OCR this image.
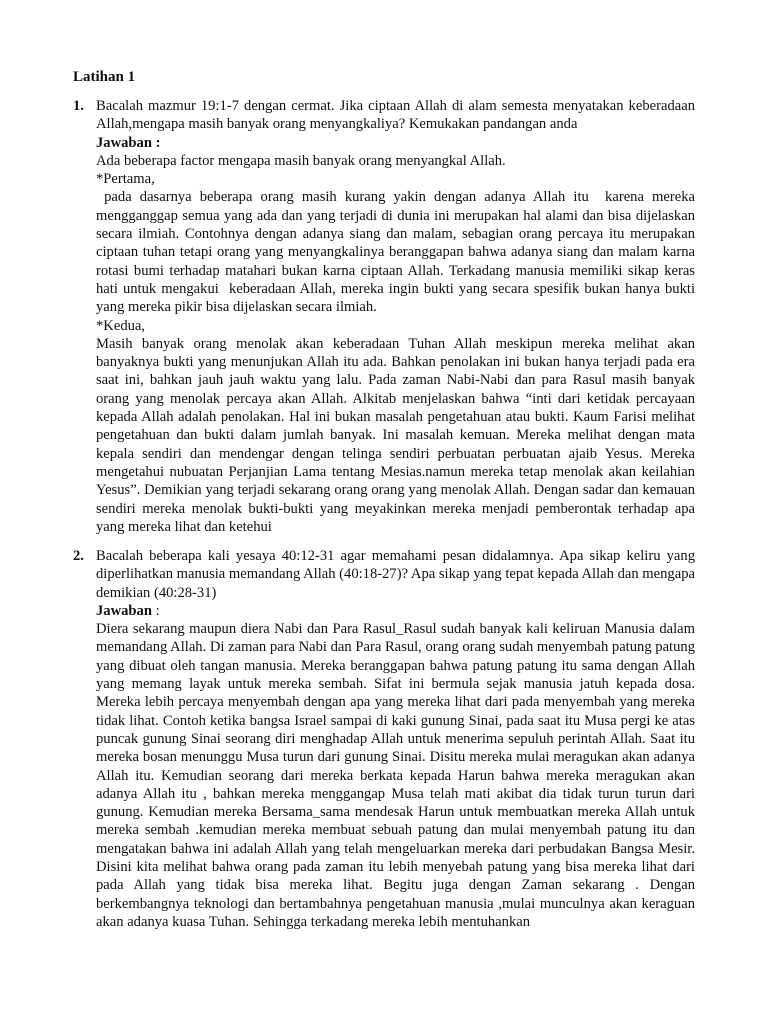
Latihan 1
1. Bacalah mazmur 19:1-7 dengan cermat. Jika ciptaan Allah di alam semesta menyatakan keberadaan Allah,mengapa masih banyak orang menyangkaliya? Kemukakan pandangan anda

Jawaban :

Ada beberapa factor mengapa masih banyak orang menyangkal Allah.

*Pertama,

pada dasarnya beberapa orang masih kurang yakin dengan adanya Allah itu  karena mereka mengganggap semua yang ada dan yang terjadi di dunia ini merupakan hal alami dan bisa dijelaskan secara ilmiah. Contohnya dengan adanya siang dan malam, sebagian orang percaya itu merupakan ciptaan tuhan tetapi orang yang menyangkalinya beranggapan bahwa adanya siang dan malam karna rotasi bumi terhadap matahari bukan karna ciptaan Allah. Terkadang manusia memiliki sikap keras hati untuk mengakui  keberadaan Allah, mereka ingin bukti yang secara spesifik bukan hanya bukti yang mereka pikir bisa dijelaskan secara ilmiah.

*Kedua,

Masih banyak orang menolak akan keberadaan Tuhan Allah meskipun mereka melihat akan banyaknya bukti yang menunjukan Allah itu ada. Bahkan penolakan ini bukan hanya terjadi pada era saat ini, bahkan jauh jauh waktu yang lalu. Pada zaman Nabi-Nabi dan para Rasul masih banyak orang yang menolak percaya akan Allah. Alkitab menjelaskan bahwa “inti dari ketidak percayaan kepada Allah adalah penolakan. Hal ini bukan masalah pengetahuan atau bukti. Kaum Farisi melihat pengetahuan dan bukti dalam jumlah banyak. Ini masalah kemuan. Mereka melihat dengan mata kepala sendiri dan mendengar dengan telinga sendiri perbuatan perbuatan ajaib Yesus. Mereka mengetahui nubuatan Perjanjian Lama tentang Mesias.namun mereka tetap menolak akan keilahian Yesus”. Demikian yang terjadi sekarang orang orang yang menolak Allah. Dengan sadar dan kemauan sendiri mereka menolak bukti-bukti yang meyakinkan mereka menjadi pemberontak terhadap apa yang mereka lihat dan ketehui

2. Bacalah beberapa kali yesaya 40:12-31 agar memahami pesan didalamnya. Apa sikap keliru yang diperlihatkan manusia memandang Allah (40:18-27)? Apa sikap yang tepat kepada Allah dan mengapa demikian (40:28-31)

Jawaban :

Diera sekarang maupun diera Nabi dan Para Rasul_Rasul sudah banyak kali keliruan Manusia dalam memandang Allah. Di zaman para Nabi dan Para Rasul, orang orang sudah menyembah patung patung yang dibuat oleh tangan manusia. Mereka beranggapan bahwa patung patung itu sama dengan Allah yang memang layak untuk mereka sembah. Sifat ini bermula sejak manusia jatuh kepada dosa. Mereka lebih percaya menyembah dengan apa yang mereka lihat dari pada menyembah yang mereka tidak lihat. Contoh ketika bangsa Israel sampai di kaki gunung Sinai, pada saat itu Musa pergi ke atas puncak gunung Sinai seorang diri menghadap Allah untuk menerima sepuluh perintah Allah. Saat itu mereka bosan menunggu Musa turun dari gunung Sinai. Disitu mereka mulai meragukan akan adanya Allah itu. Kemudian seorang dari mereka berkata kepada Harun bahwa mereka meragukan akan adanya Allah itu , bahkan mereka menggangap Musa telah mati akibat dia tidak turun turun dari gunung. Kemudian mereka Bersama_sama mendesak Harun untuk membuatkan mereka Allah untuk mereka sembah .kemudian mereka membuat sebuah patung dan mulai menyembah patung itu dan mengatakan bahwa ini adalah Allah yang telah mengeluarkan mereka dari perbudakan Bangsa Mesir. Disini kita melihat bahwa orang pada zaman itu lebih menyebah patung yang bisa mereka lihat dari pada Allah yang tidak bisa mereka lihat. Begitu juga dengan Zaman sekarang . Dengan berkembangnya teknologi dan bertambahnya pengetahuan manusia ,mulai munculnya akan keraguan akan adanya kuasa Tuhan. Sehingga terkadang mereka lebih mentuhankan
